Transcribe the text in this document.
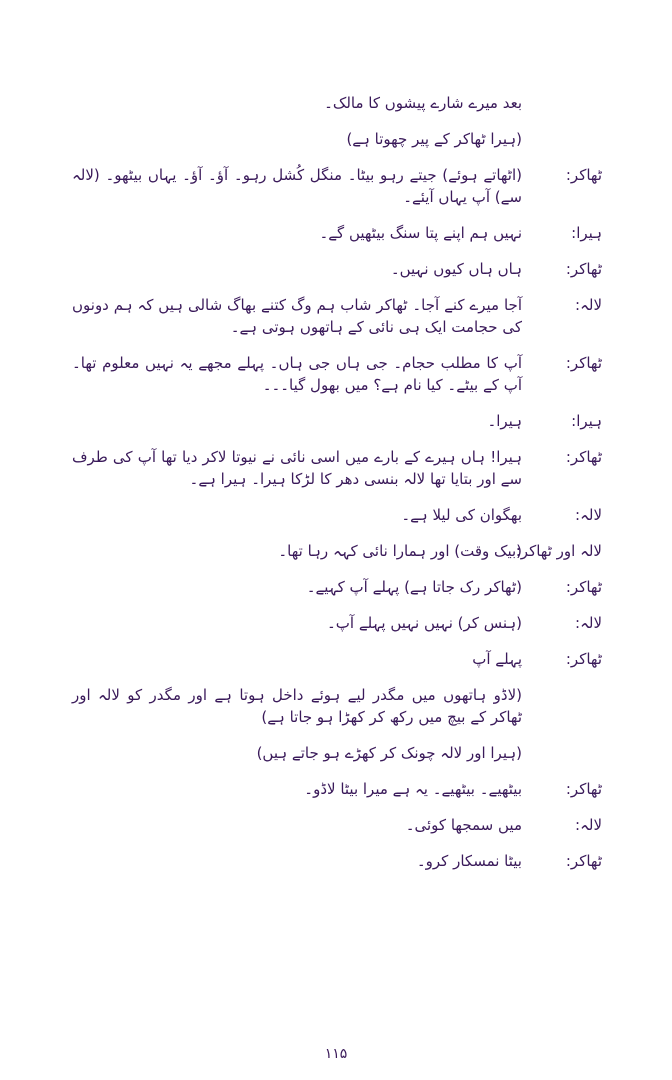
بعد میرے شارے پیشوں کا مالک۔
(ہیرا ٹھاکر کے پیر چھوتا ہے)
ٹھاکر:
(اٹھاتے ہوئے) جیتے رہو بیٹا۔ منگل کُشل رہو۔ آؤ۔ آؤ۔ یہاں بیٹھو۔ (لالہ سے) آپ یہاں آیئے۔
ہیرا:
نہیں ہم اپنے پتا سنگ بیٹھیں گے۔
ٹھاکر:
ہاں ہاں کیوں نہیں۔
لالہ:
آجا میرے کنے آجا۔ ٹھاکر شاب ہم وگ کتنے بھاگ شالی ہیں کہ ہم دونوں کی حجامت ایک ہی نائی کے ہاتھوں ہوتی ہے۔
ٹھاکر:
آپ کا مطلب حجام۔ جی ہاں جی ہاں۔ پہلے مجھے یہ نہیں معلوم تھا۔ آپ کے بیٹے۔ کیا نام ہے؟ میں بھول گیا۔۔۔
ہیرا:
ہیرا۔
ٹھاکر:
ہیرا! ہاں ہیرے کے بارے میں اسی نائی نے نیوتا لاکر دیا تھا آپ کی طرف سے اور بتایا تھا لالہ بنسی دھر کا لڑکا ہیرا۔ ہیرا ہے۔
لالہ:
بھگوان کی لیلا ہے۔
لالہ اور ٹھاکر:
(بیک وقت) اور ہمارا نائی کہہ رہا تھا۔
ٹھاکر:
(ٹھاکر رک جاتا ہے) پہلے آپ کہیے۔
لالہ:
(ہنس کر) نہیں نہیں پہلے آپ۔
ٹھاکر:
پہلے آپ
(لاڈو ہاتھوں میں مگدر لیے ہوئے داخل ہوتا ہے اور مگدر کو لالہ اور ٹھاکر کے بیچ میں رکھ کر کھڑا ہو جاتا ہے)
(ہیرا اور لالہ چونک کر کھڑے ہو جاتے ہیں)
ٹھاکر:
بیٹھیے۔ بیٹھیے۔ یہ ہے میرا بیٹا لاڈو۔
لالہ:
میں سمجھا کوئی۔
ٹھاکر:
بیٹا نمسکار کرو۔
۱۱۵
